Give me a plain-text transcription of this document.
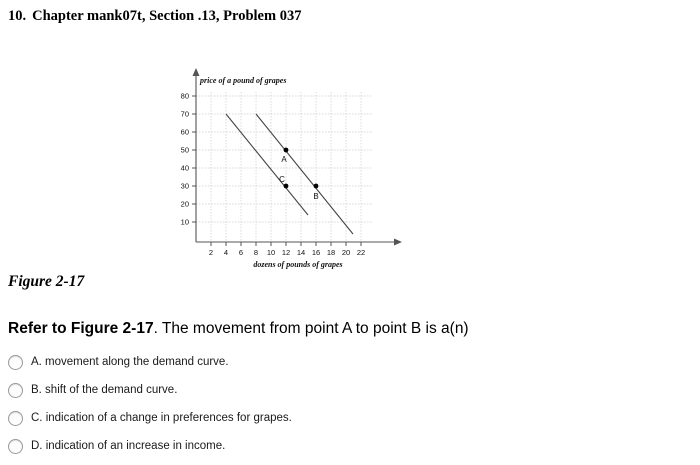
10. Chapter mank07t, Section .13, Problem 037
80
70
60
50
40
30
20
10
2 4 6 8 10 12 14 16 18 20 22
price of a pound of grapes
dozens of pounds of grapes
A
C
B
Figure 2-17
Refer to Figure 2-17. The movement from point A to point B is a(n)
A. movement along the demand curve.
B. shift of the demand curve.
C. indication of a change in preferences for grapes.
D. indication of an increase in income.
